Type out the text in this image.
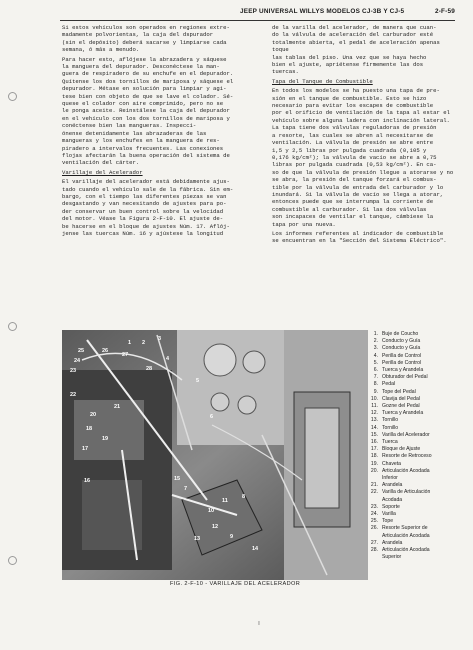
JEEP UNIVERSAL WILLYS MODELOS CJ-3B Y CJ-5	2-F-59

Si estos vehículos son operados en regiones extre-
madamente polvorientas, la caja del dspurador
(sin el depósito) deberá sacarse y limpiarse cada
semana, ó más a menudo.

Para hacer esto, aflójese la abrazadera y sáquese
la manguera del depurador. Desconéctese la man-
guera de respiradero de su enchufe en el depurador.
Quítense los dos tornillos de mariposa y sáquese el
depurador. Métase en solución para limpiar y agi-
tese bien con objeto de que se lave el colador. Sé-
quese el colador con aire comprimido, pero no se
le ponga aceite. Reinstálese la caja del depurador
en el vehículo con los dos tornillos de mariposa y
conéctense bien las mangueras. Inspecci-
ónense detenidamente las abrazaderas de las
mangueras y los enchufes en la manguera de res-
piradero a intervalos frecuentes. Las conexiones
flojas afectarán la buena operación del sistema de
ventilación del cárter.

Varillaje del Acelerador

El varillaje del acelerador está debidamente ajus-
tado cuando el vehículo sale de la fábrica. Sin em-
bargo, con el tiempo las diferentes piezas se van
desgastando y van necesitando de ajustes para po-
der conservar un buen control sobre la velocidad
del motor. Véase la Figura 2-F-10. El ajuste de-
be hacerse en el bloque de ajustes Núm. 17. Aflój-
jense las tuercas Núm. 16 y ajústese la longitud

de la varilla del acelerador, de manera que cuan-
do la válvula de aceleración del carburador esté
totalmente abierta, el pedal de aceleración apenas toque
las tablas del piso. Una vez que se haya hecho
bien el ajuste, apriétense firmemente las dos
tuercas.

Tapa del Tanque de Combustible

En todos los modelos se ha puesto una tapa de pre-
sión en el tanque de combustible. Esto se hizo
necesario para evitar los escapes de combustible
por el orificio de ventilación de la tapa al estar el
vehículo sobre alguna ladera con inclinación lateral.
La tapa tiene dos válvulas reguladoras de presión
a resorte, las cuales se abren al necesitarse de
ventilación. La válvula de presión se abre entre
1,5 y 2,5 libras por pulgada cuadrada (0,105 y
0,176 kg/cm²); la válvula de vacío se abre a 0,75
libras por pulgada cuadrada (0,53 kg/cm²). En ca-
so de que la válvula de presión llegue a atorarse y no
se abra, la presión del tanque forzará el combus-
tible por la válvula de entrada del carburador y lo
inundará. Si la válvula de vacío se llega a atorar,
entonces puede que se interrumpa la corriente de
combustible al carburador. Si las dos válvulas
son incapaces de ventilar el tanque, cámbiese la
tapa por una nueva.

Los informes referentes al indicador de combustible
se encuentran en la "Sección del Sistema Eléctrico".

1 2
3
4
5
6
7
8
9
10
11
12
13
14
15
16
17
18
19
20
21
22
23
24
25	26
27
28
1. Buje de Coucho
2. Conducto y Guía
3. Conducto y Guía
4. Perilla de Control
5. Perilla de Control
6. Tuerca y Arandela
7. Obturador del Pedal
8. Pedal
9. Tope del Pedal
10. Clavija del Pedal
11. Gozne del Pedal
12. Tuerca y Arandela
13. Tornillo
14. Tornillo
15. Varilla del Acelerador
16. Tuerca
17. Bloque de Ajuste
18. Resorte de Retroceso
19. Chaveta
20. Articulación Acodada
Inferior
21. Arandela
22. Varilla de Articulación
Acodada
23. Soporte
24. Varilla
25. Tope
26. Resorte Superior de
Articulación Acodada
27. Arandela
28. Articulación Acodada
Superior
FIG. 2-F-10 - VARILLAJE DEL ACELERADOR
ı
